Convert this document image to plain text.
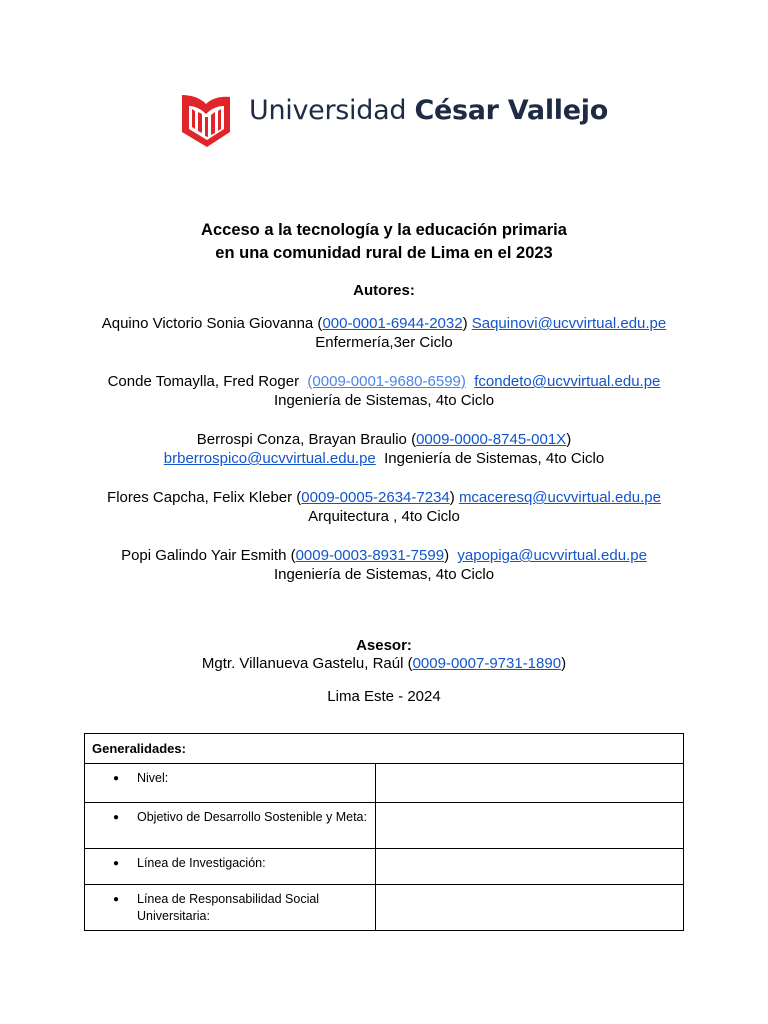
Universidad César Vallejo
Acceso a la tecnología y la educación primaria
en una comunidad rural de Lima en el 2023
Autores:
Aquino Victorio Sonia Giovanna (000-0001-6944-2032) Saquinovi@ucvvirtual.edu.pe
Enfermería,3er Ciclo
Conde Tomaylla, Fred Roger  (0009-0001-9680-6599) fcondeto@ucvvirtual.edu.pe
Ingeniería de Sistemas, 4to Ciclo
Berrospi Conza, Brayan Braulio (0009-0000-8745-001X)
brberrospico@ucvvirtual.edu.pe  Ingeniería de Sistemas, 4to Ciclo
Flores Capcha, Felix Kleber (0009-0005-2634-7234) mcaceresq@ucvvirtual.edu.pe
Arquitectura , 4to Ciclo
Popi Galindo Yair Esmith (0009-0003-8931-7599)  yapopiga@ucvvirtual.edu.pe
Ingeniería de Sistemas, 4to Ciclo
Asesor:
Mgtr. Villanueva Gastelu, Raúl (0009-0007-9731-1890)
Lima Este - 2024
Generalidades:	

● Nivel:	

● Objetivo de Desarrollo Sostenible y Meta:	

● Línea de Investigación:	

● Línea de Responsabilidad Social Universitaria:	
